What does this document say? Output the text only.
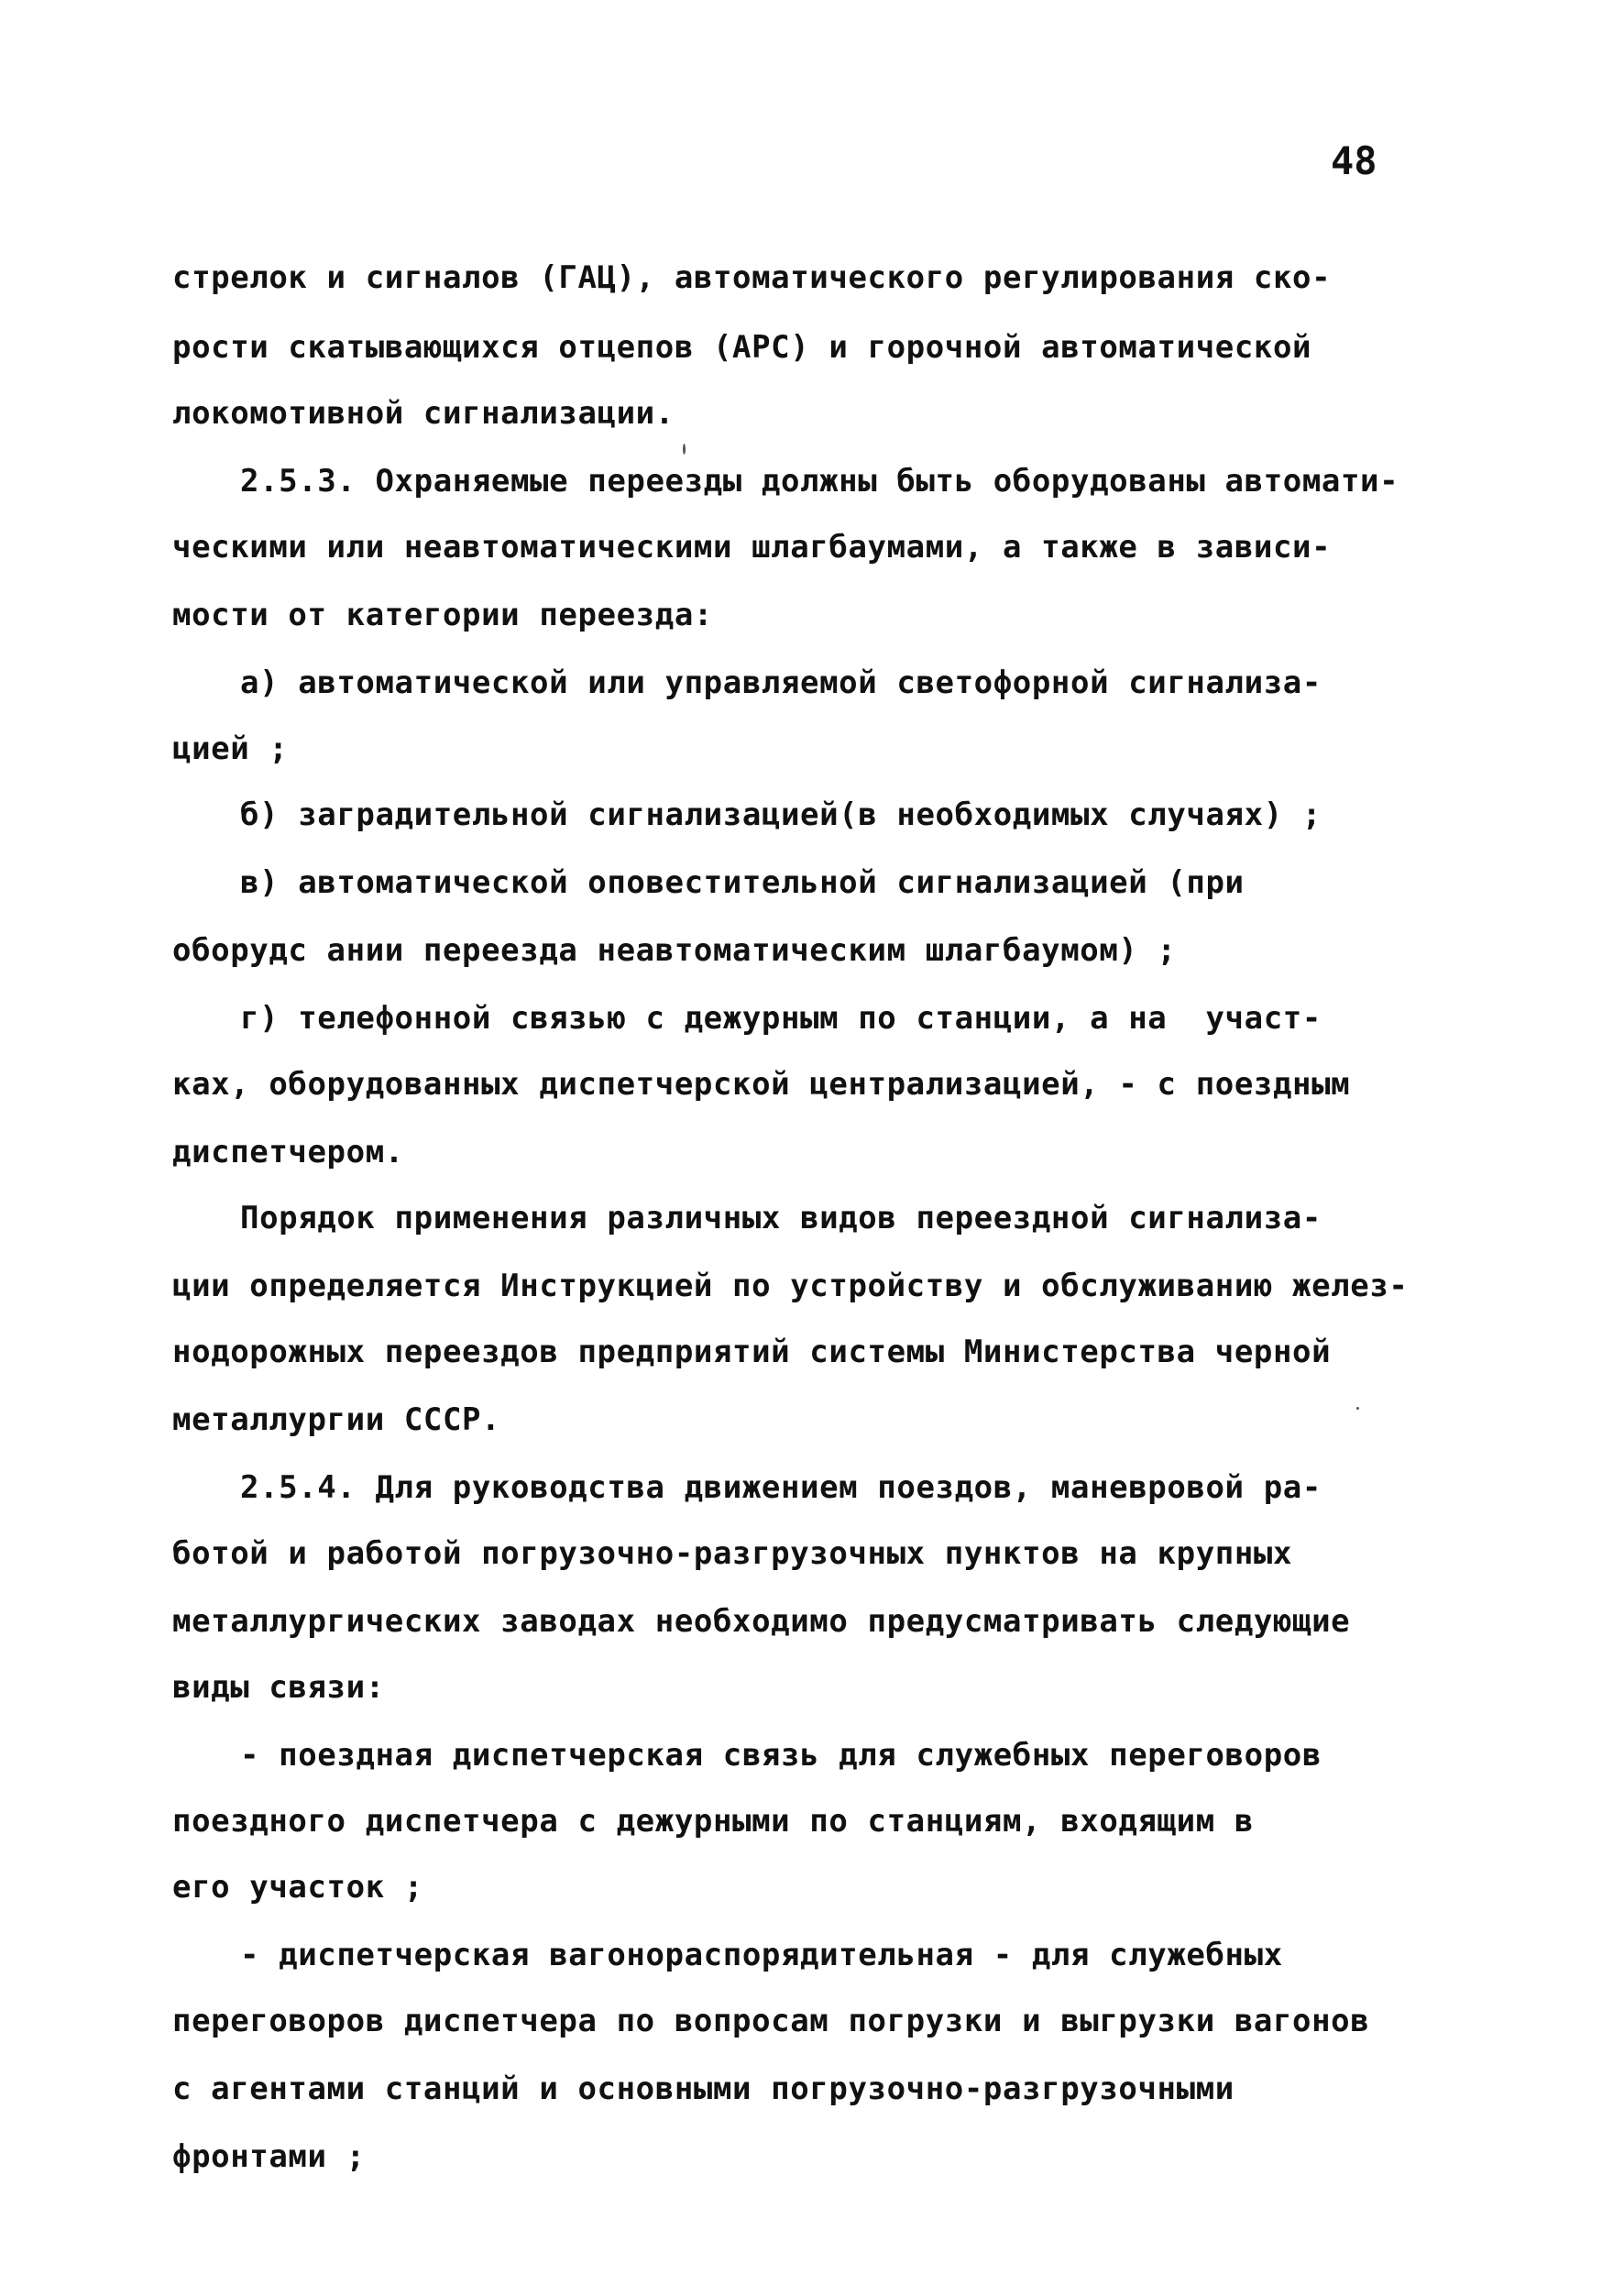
48
стрелок и сигналов (ГАЦ), автоматического регулирования ско-
рости скатывающихся отцепов (АРС) и горочной автоматической
локомотивной сигнализации.
2.5.3. Охраняемые переезды должны быть оборудованы автомати-
ческими или неавтоматическими шлагбаумами, а также в зависи-
мости от категории переезда:
а) автоматической или управляемой светофорной сигнализа-
цией ;
б) заградительной сигнализацией(в необходимых случаях) ;
в) автоматической оповестительной сигнализацией (при
оборудс ании переезда неавтоматическим шлагбаумом) ;
г) телефонной связью с дежурным по станции, а на  участ-
ках, оборудованных диспетчерской централизацией, - с поездным
диспетчером.
Порядок применения различных видов переездной сигнализа-
ции определяется Инструкцией по устройству и обслуживанию желез-
нодорожных переездов предприятий системы Министерства черной
металлургии СССР.
2.5.4. Для руководства движением поездов, маневровой ра-
ботой и работой погрузочно-разгрузочных пунктов на крупных
металлургических заводах необходимо предусматривать следующие
виды связи:
- поездная диспетчерская связь для служебных переговоров
поездного диспетчера с дежурными по станциям, входящим в
его участок ;
- диспетчерская вагонораспорядительная - для служебных
переговоров диспетчера по вопросам погрузки и выгрузки вагонов
с агентами станций и основными погрузочно-разгрузочными
фронтами ;
